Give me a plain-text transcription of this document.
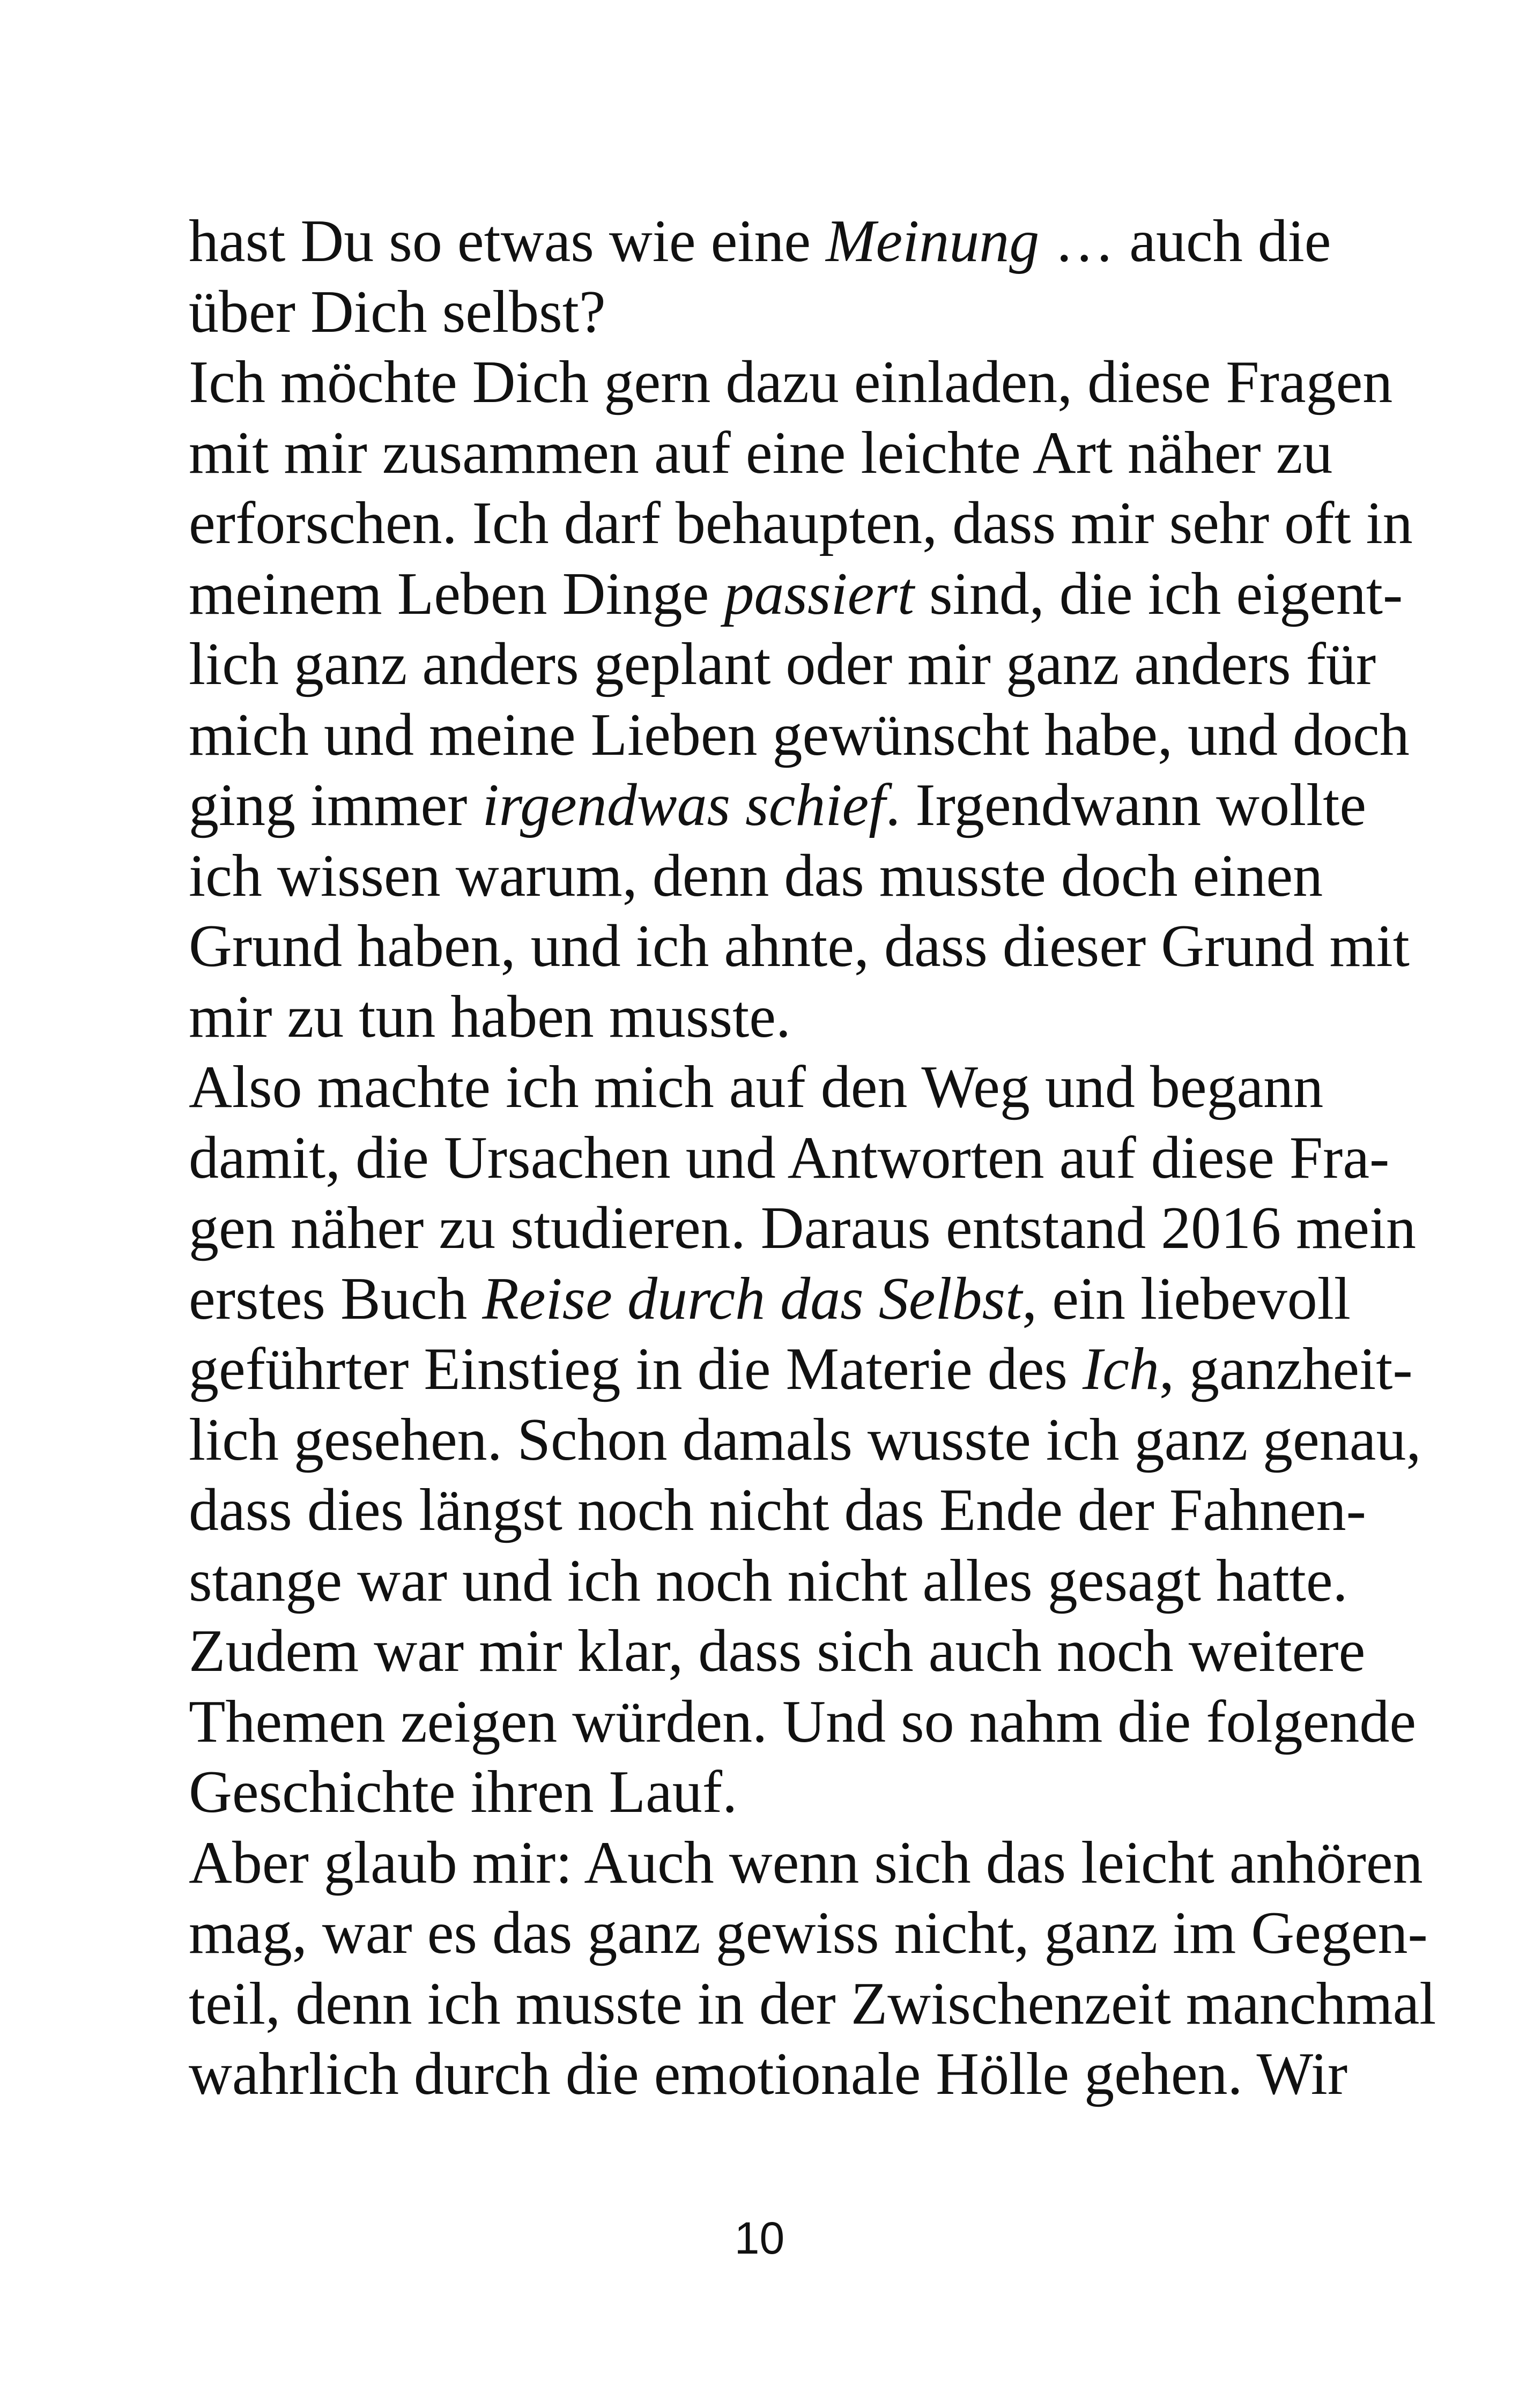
hast Du so etwas wie eine Meinung … auch die
über Dich selbst?
Ich möchte Dich gern dazu einladen, diese Fragen
mit mir zusammen auf eine leichte Art näher zu
erforschen. Ich darf behaupten, dass mir sehr oft in
meinem Leben Dinge passiert sind, die ich eigent-
lich ganz anders geplant oder mir ganz anders für
mich und meine Lieben gewünscht habe, und doch
ging immer irgendwas schief. Irgendwann wollte
ich wissen warum, denn das musste doch einen
Grund haben, und ich ahnte, dass dieser Grund mit
mir zu tun haben musste.
Also machte ich mich auf den Weg und begann
damit, die Ursachen und Antworten auf diese Fra-
gen näher zu studieren. Daraus entstand 2016 mein
erstes Buch Reise durch das Selbst, ein liebevoll
geführter Einstieg in die Materie des Ich, ganzheit-
lich gesehen. Schon damals wusste ich ganz genau,
dass dies längst noch nicht das Ende der Fahnen-
stange war und ich noch nicht alles gesagt hatte.
Zudem war mir klar, dass sich auch noch weitere
Themen zeigen würden. Und so nahm die folgende
Geschichte ihren Lauf.
Aber glaub mir: Auch wenn sich das leicht anhören
mag, war es das ganz gewiss nicht, ganz im Gegen-
teil, denn ich musste in der Zwischenzeit manchmal
wahrlich durch die emotionale Hölle gehen. Wir
10
